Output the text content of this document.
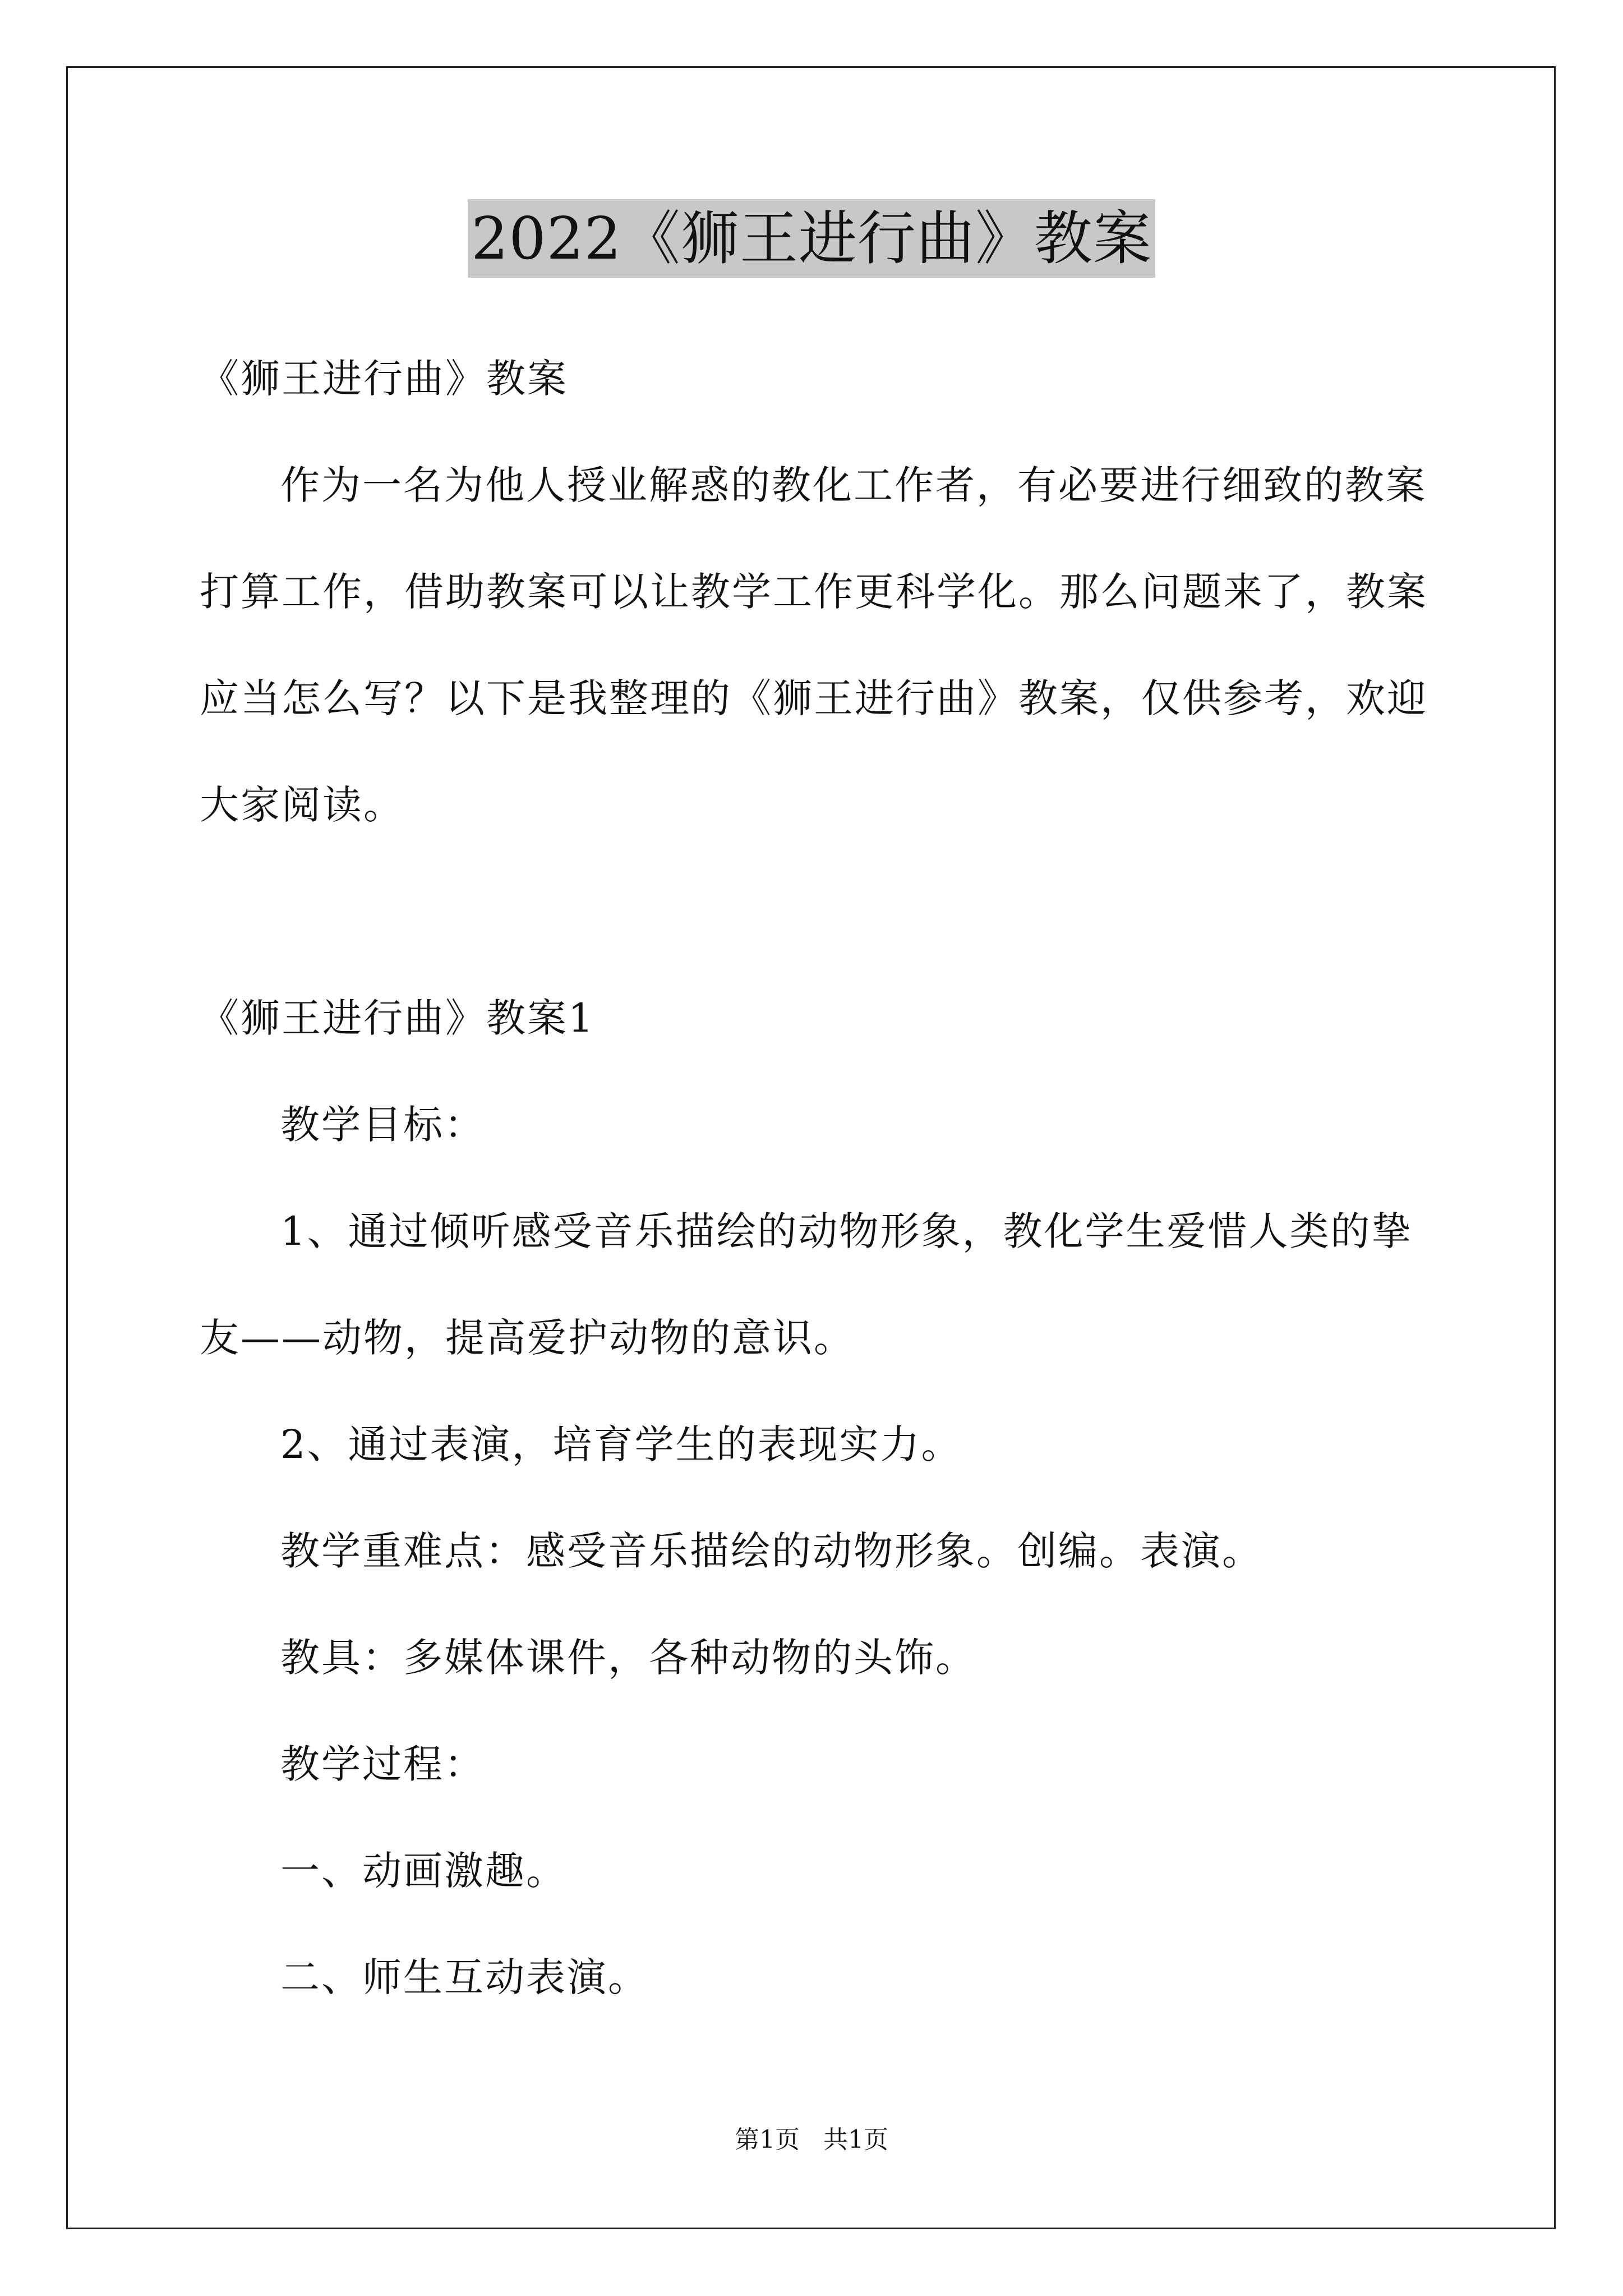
2022《狮王进行曲》教案
《狮王进行曲》教案
作为一名为他人授业解惑的教化工作者，有必要进行细致的教案
打算工作，借助教案可以让教学工作更科学化。那么问题来了，教案
应当怎么写？以下是我整理的《狮王进行曲》教案，仅供参考，欢迎
大家阅读。
《狮王进行曲》教案1
教学目标：
1、通过倾听感受音乐描绘的动物形象，教化学生爱惜人类的挚
友——动物，提高爱护动物的意识。
2、通过表演，培育学生的表现实力。
教学重难点：感受音乐描绘的动物形象。创编。表演。
教具：多媒体课件，各种动物的头饰。
教学过程：
一、动画激趣。
二、师生互动表演。
第1页   共1页
